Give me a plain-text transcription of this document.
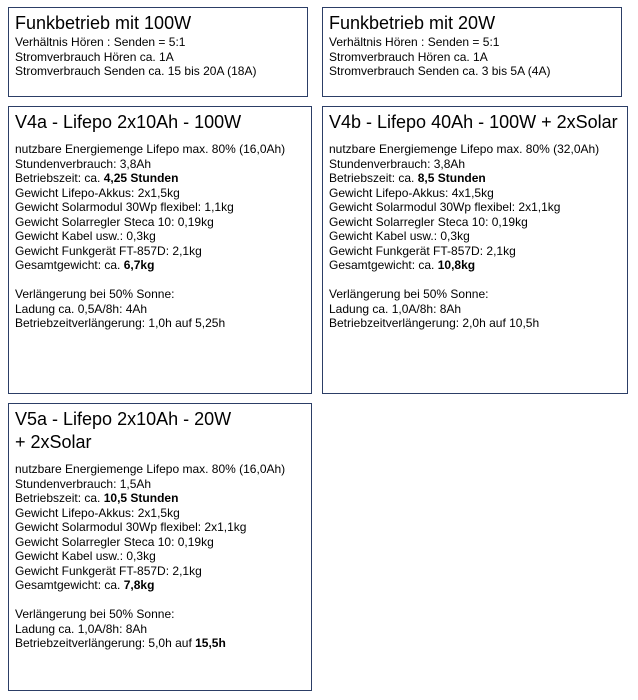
Funkbetrieb mit 100W
Verhältnis Hören : Senden = 5:1
Stromverbrauch Hören ca. 1A
Stromverbrauch Senden ca. 15 bis 20A (18A)
Funkbetrieb mit 20W
Verhältnis Hören : Senden = 5:1
Stromverbrauch Hören ca. 1A
Stromverbrauch Senden ca. 3 bis 5A (4A)
V4a - Lifepo 2x10Ah - 100W
nutzbare Energiemenge Lifepo max. 80% (16,0Ah)
Stundenverbrauch: 3,8Ah
Betriebszeit: ca. 4,25 Stunden
Gewicht Lifepo-Akkus: 2x1,5kg
Gewicht Solarmodul 30Wp flexibel: 1,1kg
Gewicht Solarregler Steca 10: 0,19kg
Gewicht Kabel usw.: 0,3kg
Gewicht Funkgerät FT-857D: 2,1kg
Gesamtgewicht: ca. 6,7kg
Verlängerung bei 50% Sonne:
Ladung ca. 0,5A/8h: 4Ah
Betriebzeitverlängerung: 1,0h auf 5,25h
V4b - Lifepo 40Ah - 100W + 2xSolar
nutzbare Energiemenge Lifepo max. 80% (32,0Ah)
Stundenverbrauch: 3,8Ah
Betriebszeit: ca. 8,5 Stunden
Gewicht Lifepo-Akkus: 4x1,5kg
Gewicht Solarmodul 30Wp flexibel: 2x1,1kg
Gewicht Solarregler Steca 10: 0,19kg
Gewicht Kabel usw.: 0,3kg
Gewicht Funkgerät FT-857D: 2,1kg
Gesamtgewicht: ca. 10,8kg
Verlängerung bei 50% Sonne:
Ladung ca. 1,0A/8h: 8Ah
Betriebzeitverlängerung: 2,0h auf 10,5h
V5a - Lifepo 2x10Ah - 20W
+ 2xSolar
nutzbare Energiemenge Lifepo max. 80% (16,0Ah)
Stundenverbrauch: 1,5Ah
Betriebszeit: ca. 10,5 Stunden
Gewicht Lifepo-Akkus: 2x1,5kg
Gewicht Solarmodul 30Wp flexibel: 2x1,1kg
Gewicht Solarregler Steca 10: 0,19kg
Gewicht Kabel usw.: 0,3kg
Gewicht Funkgerät FT-857D: 2,1kg
Gesamtgewicht: ca. 7,8kg
Verlängerung bei 50% Sonne:
Ladung ca. 1,0A/8h: 8Ah
Betriebzeitverlängerung: 5,0h auf 15,5h
